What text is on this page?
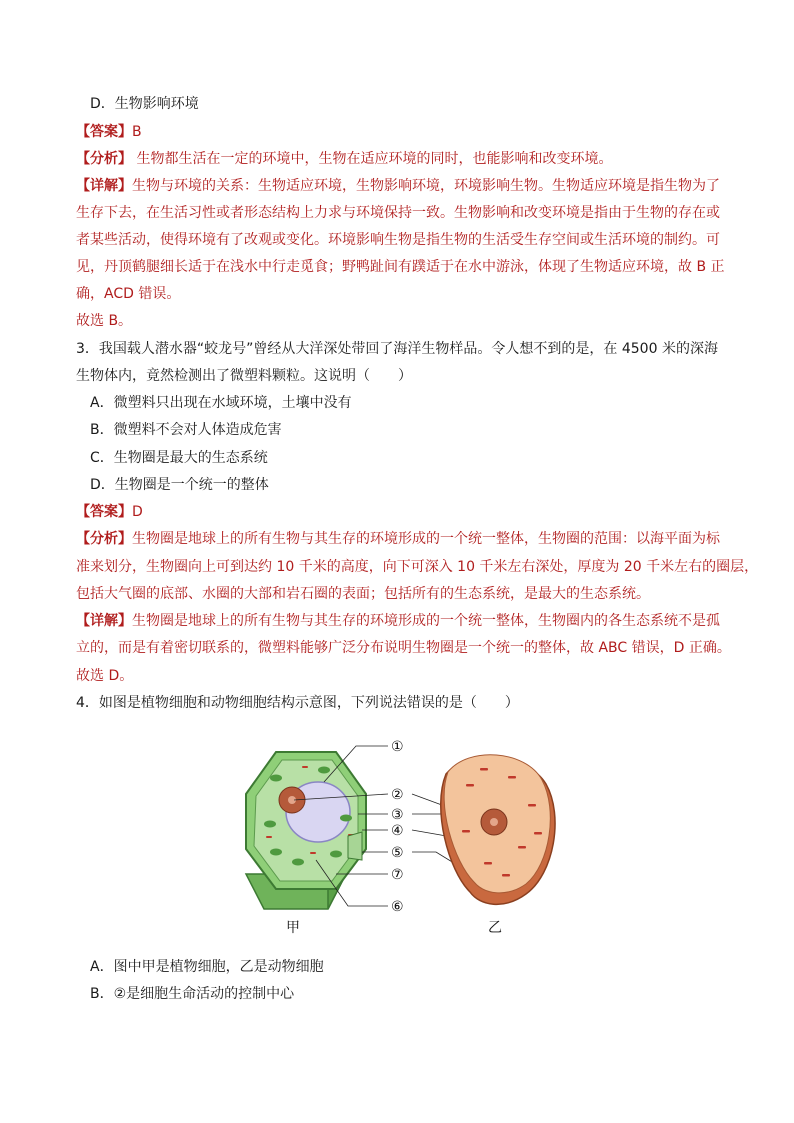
D．生物影响环境
【答案】B
【分析】 生物都生活在一定的环境中，生物在适应环境的同时，也能影响和改变环境。
【详解】生物与环境的关系：生物适应环境，生物影响环境，环境影响生物。生物适应环境是指生物为了
生存下去，在生活习性或者形态结构上力求与环境保持一致。生物影响和改变环境是指由于生物的存在或
者某些活动，使得环境有了改观或变化。环境影响生物是指生物的生活受生存空间或生活环境的制约。可
见，丹顶鹤腿细长适于在浅水中行走觅食；野鸭趾间有蹼适于在水中游泳，体现了生物适应环境，故 B 正
确，ACD 错误。
故选 B。
3．我国载人潜水器“蛟龙号”曾经从大洋深处带回了海洋生物样品。令人想不到的是，在 4500 米的深海
生物体内，竟然检测出了微塑料颗粒。这说明（　　）
A．微塑料只出现在水域环境，土壤中没有
B．微塑料不会对人体造成危害
C．生物圈是最大的生态系统
D．生物圈是一个统一的整体
【答案】D
【分析】生物圈是地球上的所有生物与其生存的环境形成的一个统一整体，生物圈的范围：以海平面为标
准来划分，生物圈向上可到达约 10 千米的高度，向下可深入 10 千米左右深处，厚度为 20 千米左右的圈层，
包括大气圈的底部、水圈的大部和岩石圈的表面；包括所有的生态系统，是最大的生态系统。
【详解】生物圈是地球上的所有生物与其生存的环境形成的一个统一整体，生物圈内的各生态系统不是孤
立的，而是有着密切联系的，微塑料能够广泛分布说明生物圈是一个统一的整体，故 ABC 错误，D 正确。
故选 D。
4．如图是植物细胞和动物细胞结构示意图，下列说法错误的是（　　）
①
②
③
④
⑤
⑦
⑥
甲	乙
A．图中甲是植物细胞，乙是动物细胞
B．②是细胞生命活动的控制中心
